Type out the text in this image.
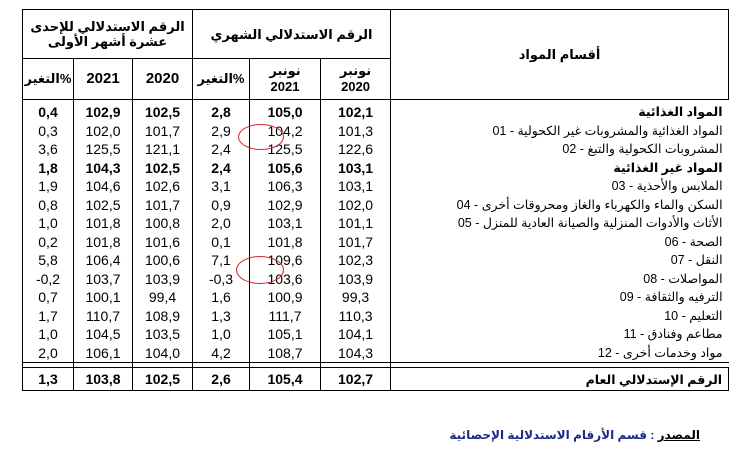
الرقم الاستدلالي للإحدى عشرة أشهر الأولى			الرقم الاستدلالي الشهري			أقسام المواد
التغير%	2021	2020	التغير%	نونبر 2021	نونبر 2020	
0,4	102,9	102,5	2,8	105,0	102,1	المواد الغذائية
0,3	102,0	101,7	2,9	104,2	101,3	01 - المواد الغذائية والمشروبات غير الكحولية
3,6	125,5	121,1	2,4	125,5	122,6	02 - المشروبات الكحولية والتبغ
1,8	104,3	102,5	2,4	105,6	103,1	المواد غير الغذائية
1,9	104,6	102,6	3,1	106,3	103,1	03 - الملابس والأحذية
0,8	102,5	101,7	0,9	102,9	102,0	04 - السكن والماء والكهرباء والغاز ومحروقات أخرى
1,0	101,8	100,8	2,0	103,1	101,1	05 - الأثاث والأدوات المنزلية والصيانة العادية للمنزل
0,2	101,8	101,6	0,1	101,8	101,7	06 - الصحة
5,8	106,4	100,6	7,1	109,6	102,3	07 - النقل
-0,2	103,7	103,9	-0,3	103,6	103,9	08 - المواصلات
0,7	100,1	99,4	1,6	100,9	99,3	09 - الترفيه والثقافة
1,7	110,7	108,9	1,3	111,7	110,3	10 - التعليم
1,0	104,5	103,5	1,0	105,1	104,1	11 - مطاعم وفنادق
2,0	106,1	104,0	4,2	108,7	104,3	12 - مواد وخدمات أخرى

1,3	103,8	102,5	2,6	105,4	102,7	الرقم الإستدلالي العام
المصدر : قسم الأرقام الاستدلالية الإحصائية
